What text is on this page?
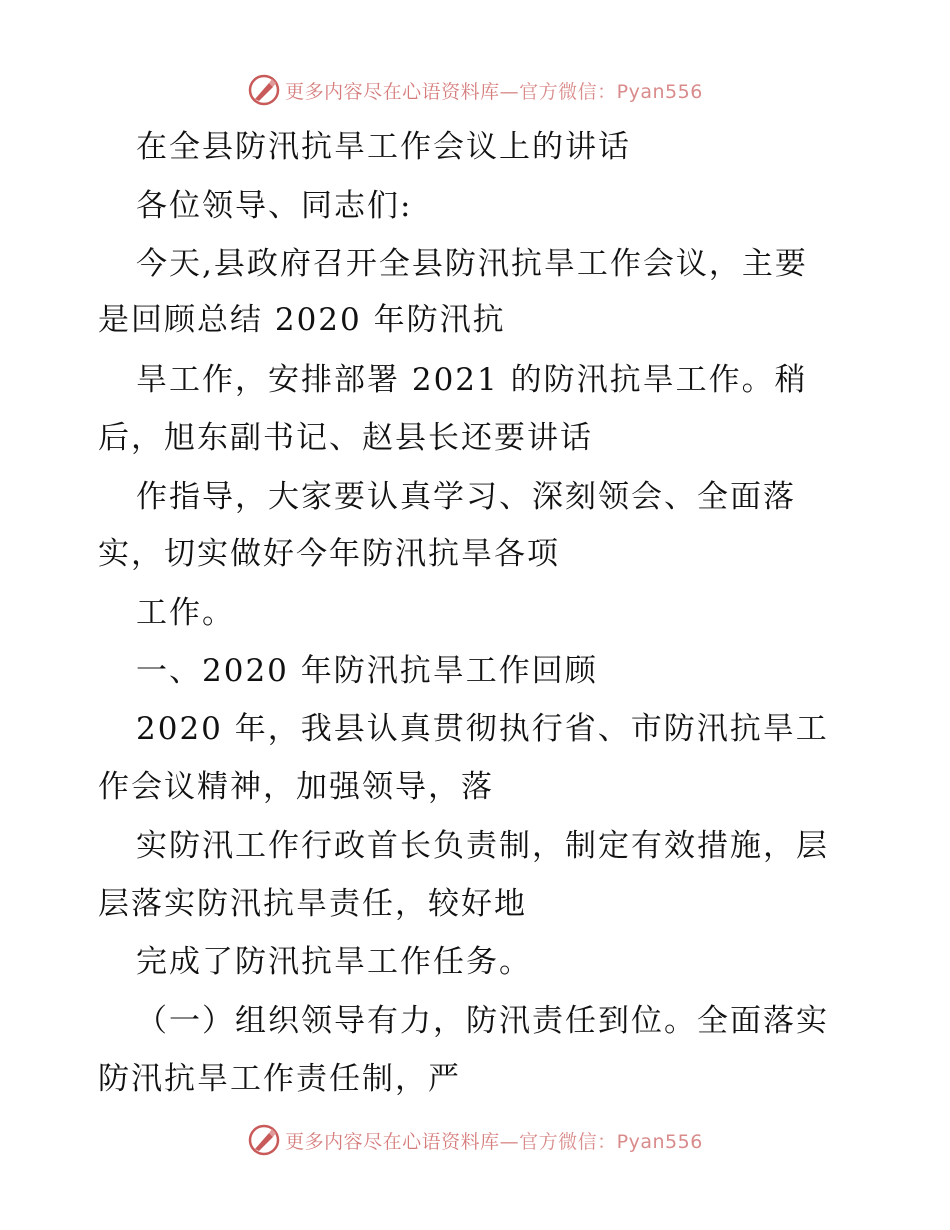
更多内容尽在心语资料库 —官方微信：Pyan556
在全县防汛抗旱工作会议上的讲话
各位领导、同志们:
今天,县政府召开全县防汛抗旱工作会议，主要
是回顾总结 2020 年防汛抗
旱工作，安排部署 2021 的防汛抗旱工作。稍
后，旭东副书记、赵县长还要讲话
作指导，大家要认真学习、深刻领会、全面落
实，切实做好今年防汛抗旱各项
工作。
一、2020 年防汛抗旱工作回顾
2020 年，我县认真贯彻执行省、市防汛抗旱工
作会议精神，加强领导，落
实防汛工作行政首长负责制，制定有效措施，层
层落实防汛抗旱责任，较好地
完成了防汛抗旱工作任务。
（一）组织领导有力，防汛责任到位。全面落实
防汛抗旱工作责任制，严
更多内容尽在心语资料库 —官方微信：Pyan556
